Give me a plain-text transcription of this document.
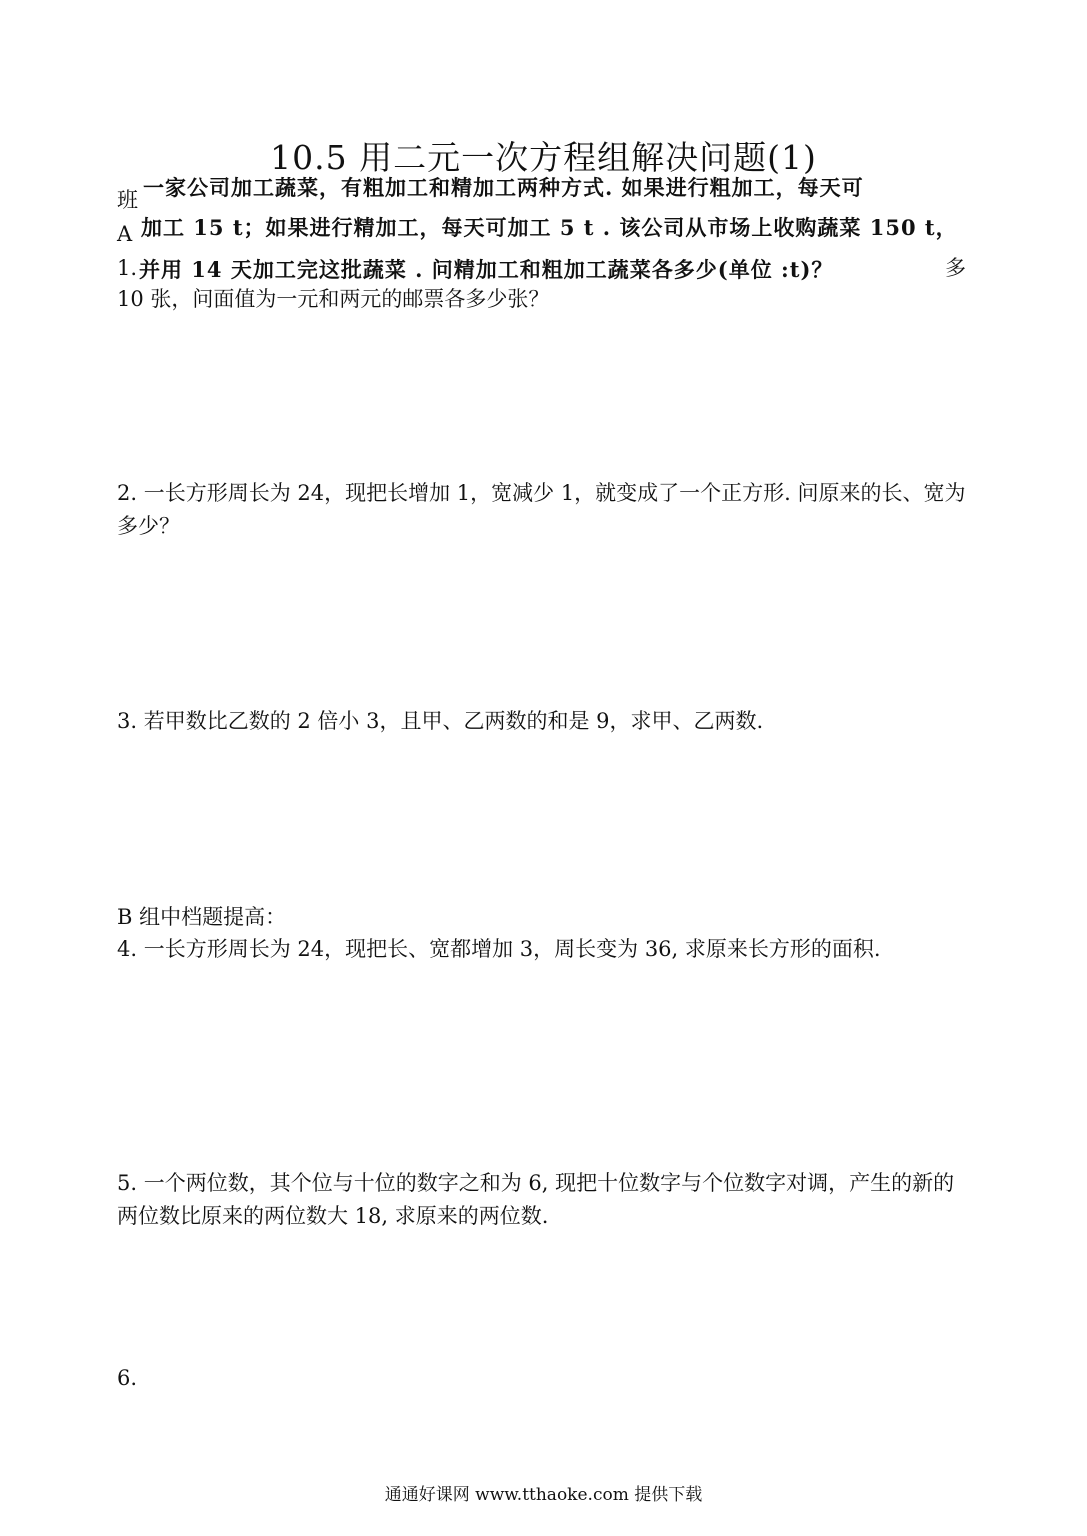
10.5 用二元一次方程组解决问题(1)
班
A
1.	多
一家公司加工蔬菜，有粗加工和精加工两种方式. 如果进行粗加工，每天可
加工 15 t；如果进行精加工，每天可加工 5 t . 该公司从市场上收购蔬菜 150 t，
并用 14 天加工完这批蔬菜 . 问精加工和粗加工蔬菜各多少(单位 :t)？
10 张，问面值为一元和两元的邮票各多少张？
2. 一长方形周长为 24，现把长增加 1，宽减少 1，就变成了一个正方形. 问原来的长、宽为
多少？
3. 若甲数比乙数的 2 倍小 3，且甲、乙两数的和是 9，求甲、乙两数.
B 组中档题提高：
4. 一长方形周长为 24，现把长、宽都增加 3，周长变为 36, 求原来长方形的面积.
5. 一个两位数，其个位与十位的数字之和为 6, 现把十位数字与个位数字对调，产生的新的
两位数比原来的两位数大 18, 求原来的两位数.
6.
通通好课网 www.tthaoke.com 提供下载
